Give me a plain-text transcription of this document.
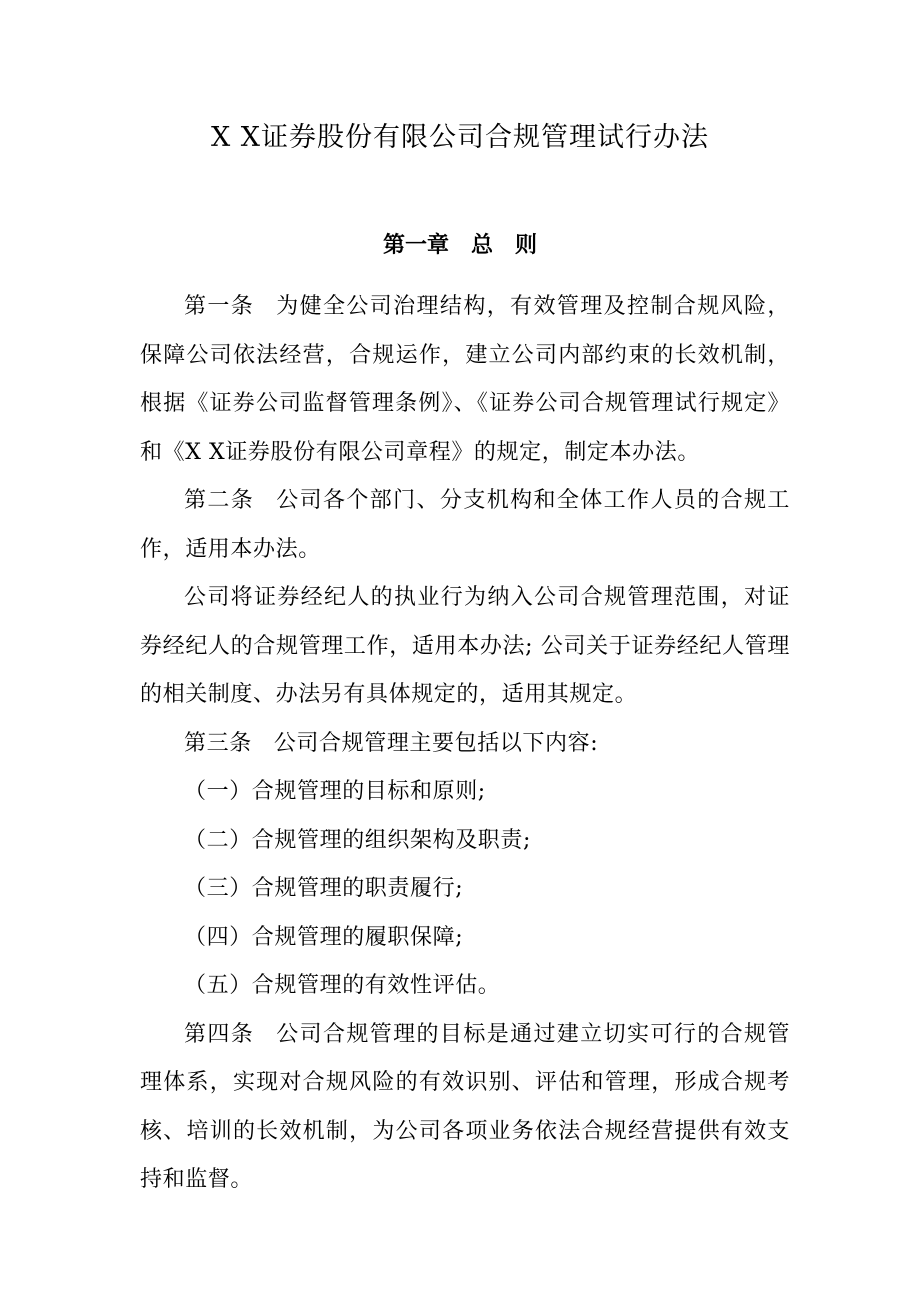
X X证券股份有限公司合规管理试行办法
第一章　总　则

第一条 为健全公司治理结构，有效管理及控制合规风险，保障公司依法经营，合规运作，建立公司内部约束的长效机制，根据《证券公司监督管理条例》、《证券公司合规管理试行规定》和《X X证券股份有限公司章程》的规定，制定本办法。

第二条 公司各个部门、分支机构和全体工作人员的合规工作，适用本办法。

公司将证券经纪人的执业行为纳入公司合规管理范围，对证券经纪人的合规管理工作，适用本办法; 公司关于证券经纪人管理的相关制度、办法另有具体规定的，适用其规定。

第三条 公司合规管理主要包括以下内容:

（一）合规管理的目标和原则;

（二）合规管理的组织架构及职责;

（三）合规管理的职责履行;

（四）合规管理的履职保障;

（五）合规管理的有效性评估。

第四条 公司合规管理的目标是通过建立切实可行的合规管理体系，实现对合规风险的有效识别、评估和管理，形成合规考核、培训的长效机制，为公司各项业务依法合规经营提供有效支持和监督。
